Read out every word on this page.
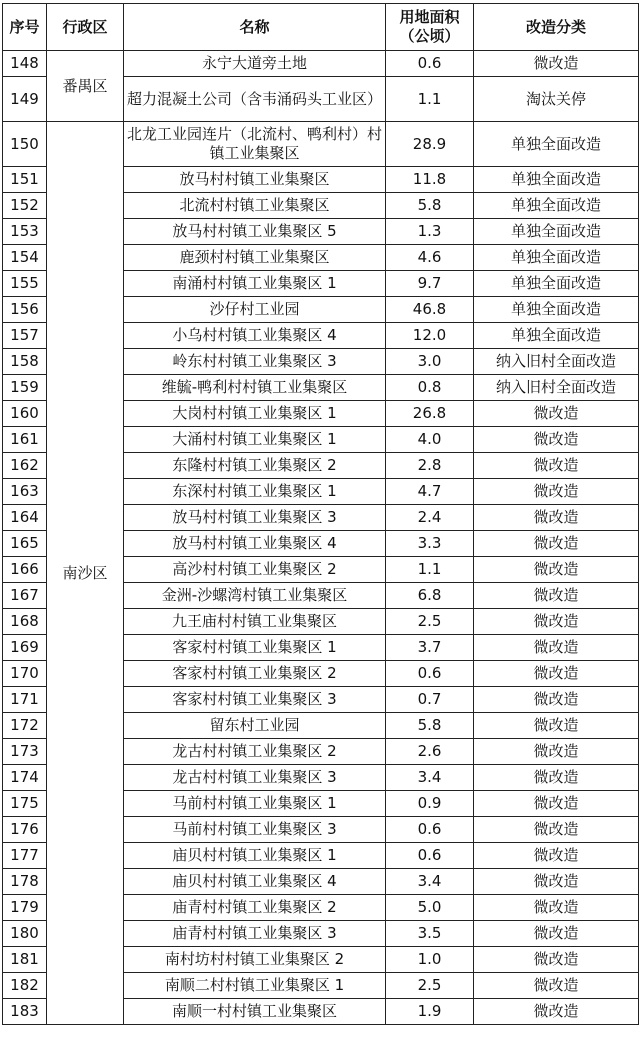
序号	行政区	名称	用地面积（公顷）	改造分类
148	番禺区	永宁大道旁土地	0.6	微改造
149		超力混凝土公司（含韦涌码头工业区）	1.1	淘汰关停
150	南沙区	北龙工业园连片（北流村、鸭利村）村镇工业集聚区	28.9	单独全面改造
151		放马村村镇工业集聚区	11.8	单独全面改造
152		北流村村镇工业集聚区	5.8	单独全面改造
153		放马村村镇工业集聚区 5	1.3	单独全面改造
154		鹿颈村村镇工业集聚区	4.6	单独全面改造
155		南涌村村镇工业集聚区 1	9.7	单独全面改造
156		沙仔村工业园	46.8	单独全面改造
157		小乌村村镇工业集聚区 4	12.0	单独全面改造
158		岭东村村镇工业集聚区 3	3.0	纳入旧村全面改造
159		维毓-鸭利村村镇工业集聚区	0.8	纳入旧村全面改造
160		大岗村村镇工业集聚区 1	26.8	微改造
161		大涌村村镇工业集聚区 1	4.0	微改造
162		东隆村村镇工业集聚区 2	2.8	微改造
163		东深村村镇工业集聚区 1	4.7	微改造
164		放马村村镇工业集聚区 3	2.4	微改造
165		放马村村镇工业集聚区 4	3.3	微改造
166		高沙村村镇工业集聚区 2	1.1	微改造
167		金洲-沙螺湾村镇工业集聚区	6.8	微改造
168		九王庙村村镇工业集聚区	2.5	微改造
169		客家村村镇工业集聚区 1	3.7	微改造
170		客家村村镇工业集聚区 2	0.6	微改造
171		客家村村镇工业集聚区 3	0.7	微改造
172		留东村工业园	5.8	微改造
173		龙古村村镇工业集聚区 2	2.6	微改造
174		龙古村村镇工业集聚区 3	3.4	微改造
175		马前村村镇工业集聚区 1	0.9	微改造
176		马前村村镇工业集聚区 3	0.6	微改造
177		庙贝村村镇工业集聚区 1	0.6	微改造
178		庙贝村村镇工业集聚区 4	3.4	微改造
179		庙青村村镇工业集聚区 2	5.0	微改造
180		庙青村村镇工业集聚区 3	3.5	微改造
181		南村坊村村镇工业集聚区 2	1.0	微改造
182		南顺二村村镇工业集聚区 1	2.5	微改造
183		南顺一村村镇工业集聚区	1.9	微改造
